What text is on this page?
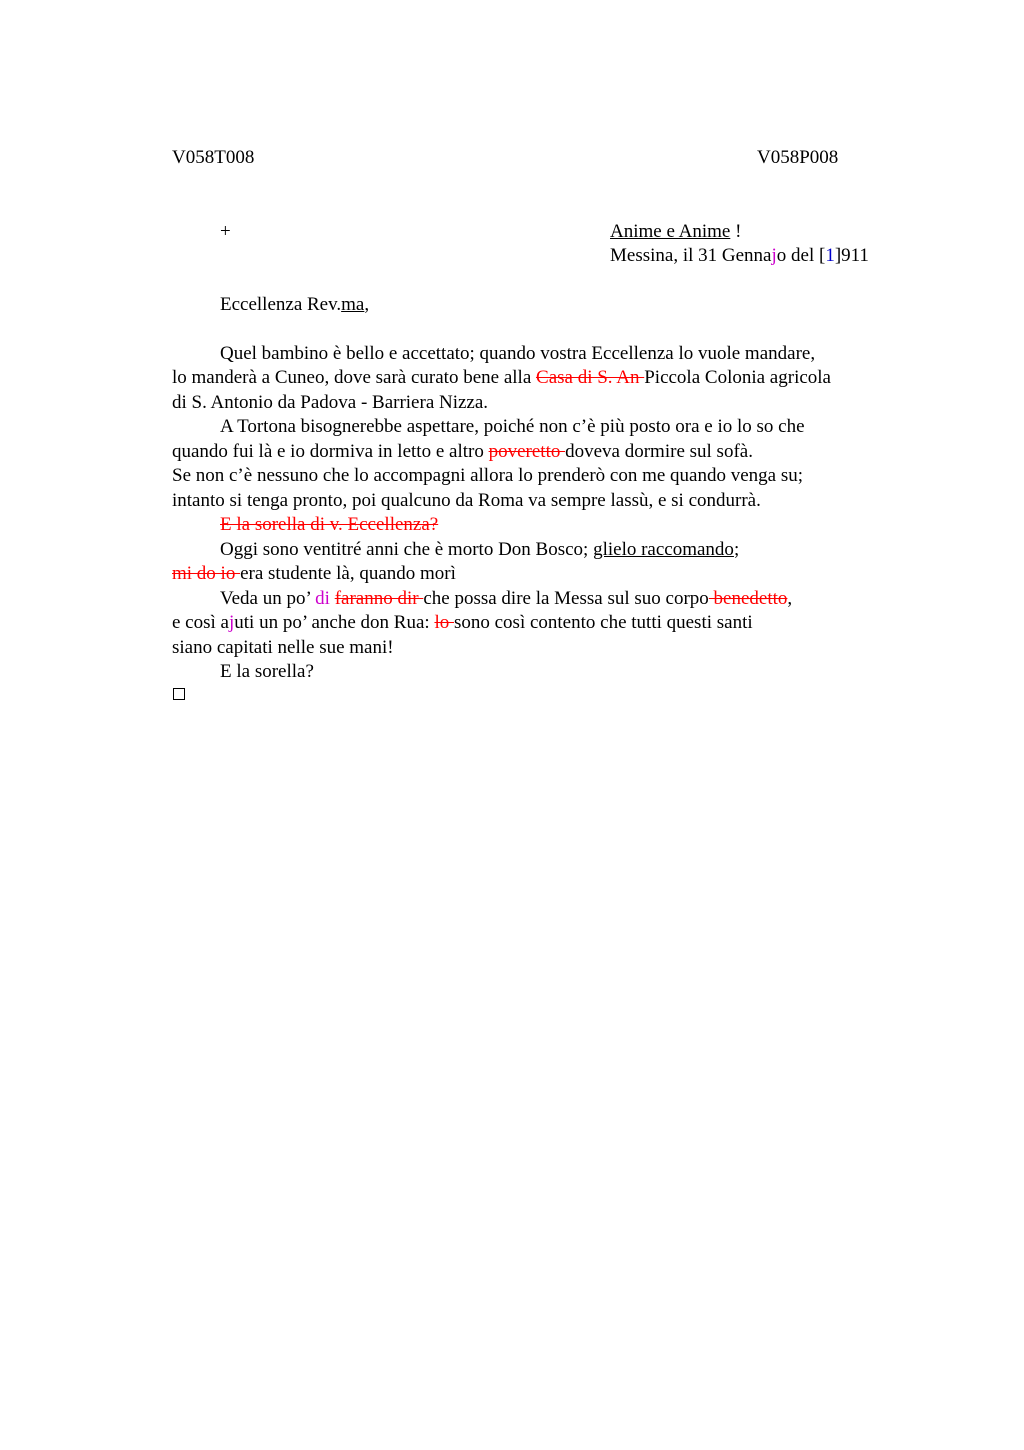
V058T008	V058P008
+	Anime e Anime !
Messina, il 31 Gennajo del [1]911
Eccellenza Rev.ma,
Quel bambino è bello e accettato; quando vostra Eccellenza lo vuole mandare,
lo manderà a Cuneo, dove sarà curato bene alla Casa di S. An Piccola Colonia agricola
di S. Antonio da Padova - Barriera Nizza.
A Tortona bisognerebbe aspettare, poiché non c’è più posto ora e io lo so che
quando fui là e io dormiva in letto e altro poveretto doveva dormire sul sofà.
Se non c’è nessuno che lo accompagni allora lo prenderò con me quando venga su;
intanto si tenga pronto, poi qualcuno da Roma va sempre lassù, e si condurrà.
E la sorella di v. Eccellenza?
Oggi sono ventitré anni che è morto Don Bosco; glielo raccomando;
mi do io era studente là, quando morì
Veda un po’ di faranno dir che possa dire la Messa sul suo corpo benedetto,
e così ajuti un po’ anche don Rua: lo sono così contento che tutti questi santi
siano capitati nelle sue mani!
E la sorella?
